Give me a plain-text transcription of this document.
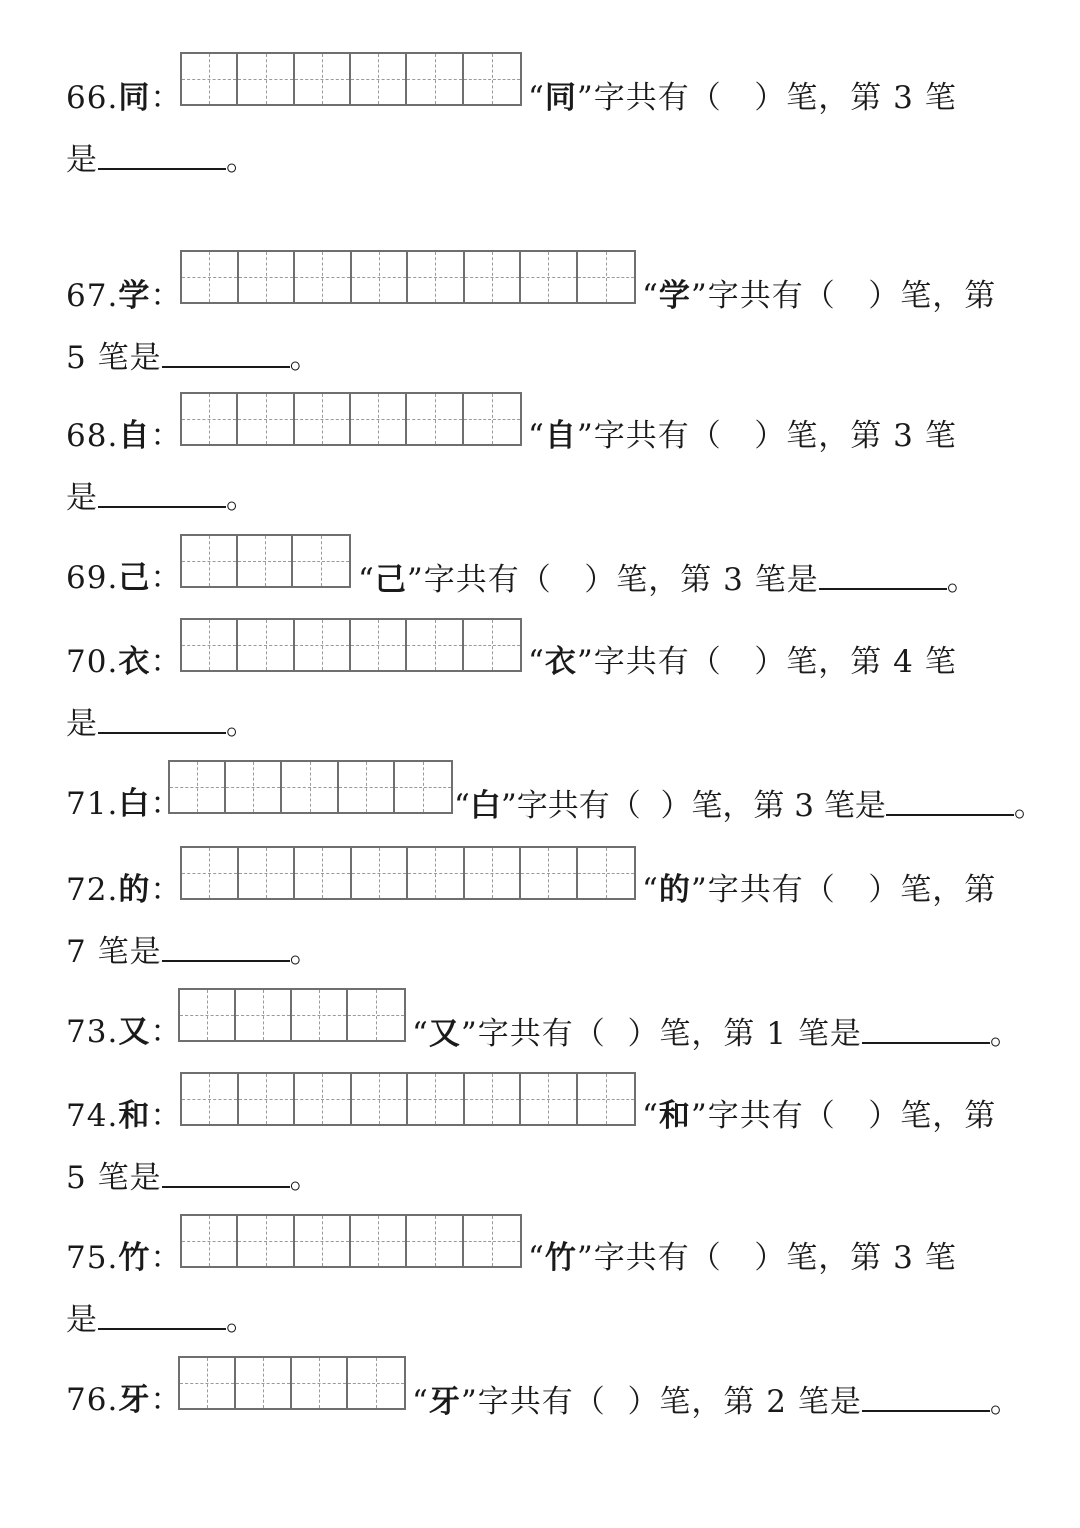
66.同：	“同”字共有（ ）笔，第 3 笔
是	。
67.学：	“学”字共有（ ）笔，第
5 笔是	。
68.自：	“自”字共有（ ）笔，第 3 笔
是	。
69.己：	“己”字共有（ ）笔，第 3 笔是	。
70.衣：	“衣”字共有（ ）笔，第 4 笔
是	。
71.白：	“白”字共有（ ）笔，第 3 笔是	。
72.的：	“的”字共有（ ）笔，第
7 笔是	。
73.又：	“又”字共有（ ）笔，第 1 笔是	。
74.和：	“和”字共有（ ）笔，第
5 笔是	。
75.竹：	“竹”字共有（ ）笔，第 3 笔
是	。
76.牙：	“牙”字共有（ ）笔，第 2 笔是	。
